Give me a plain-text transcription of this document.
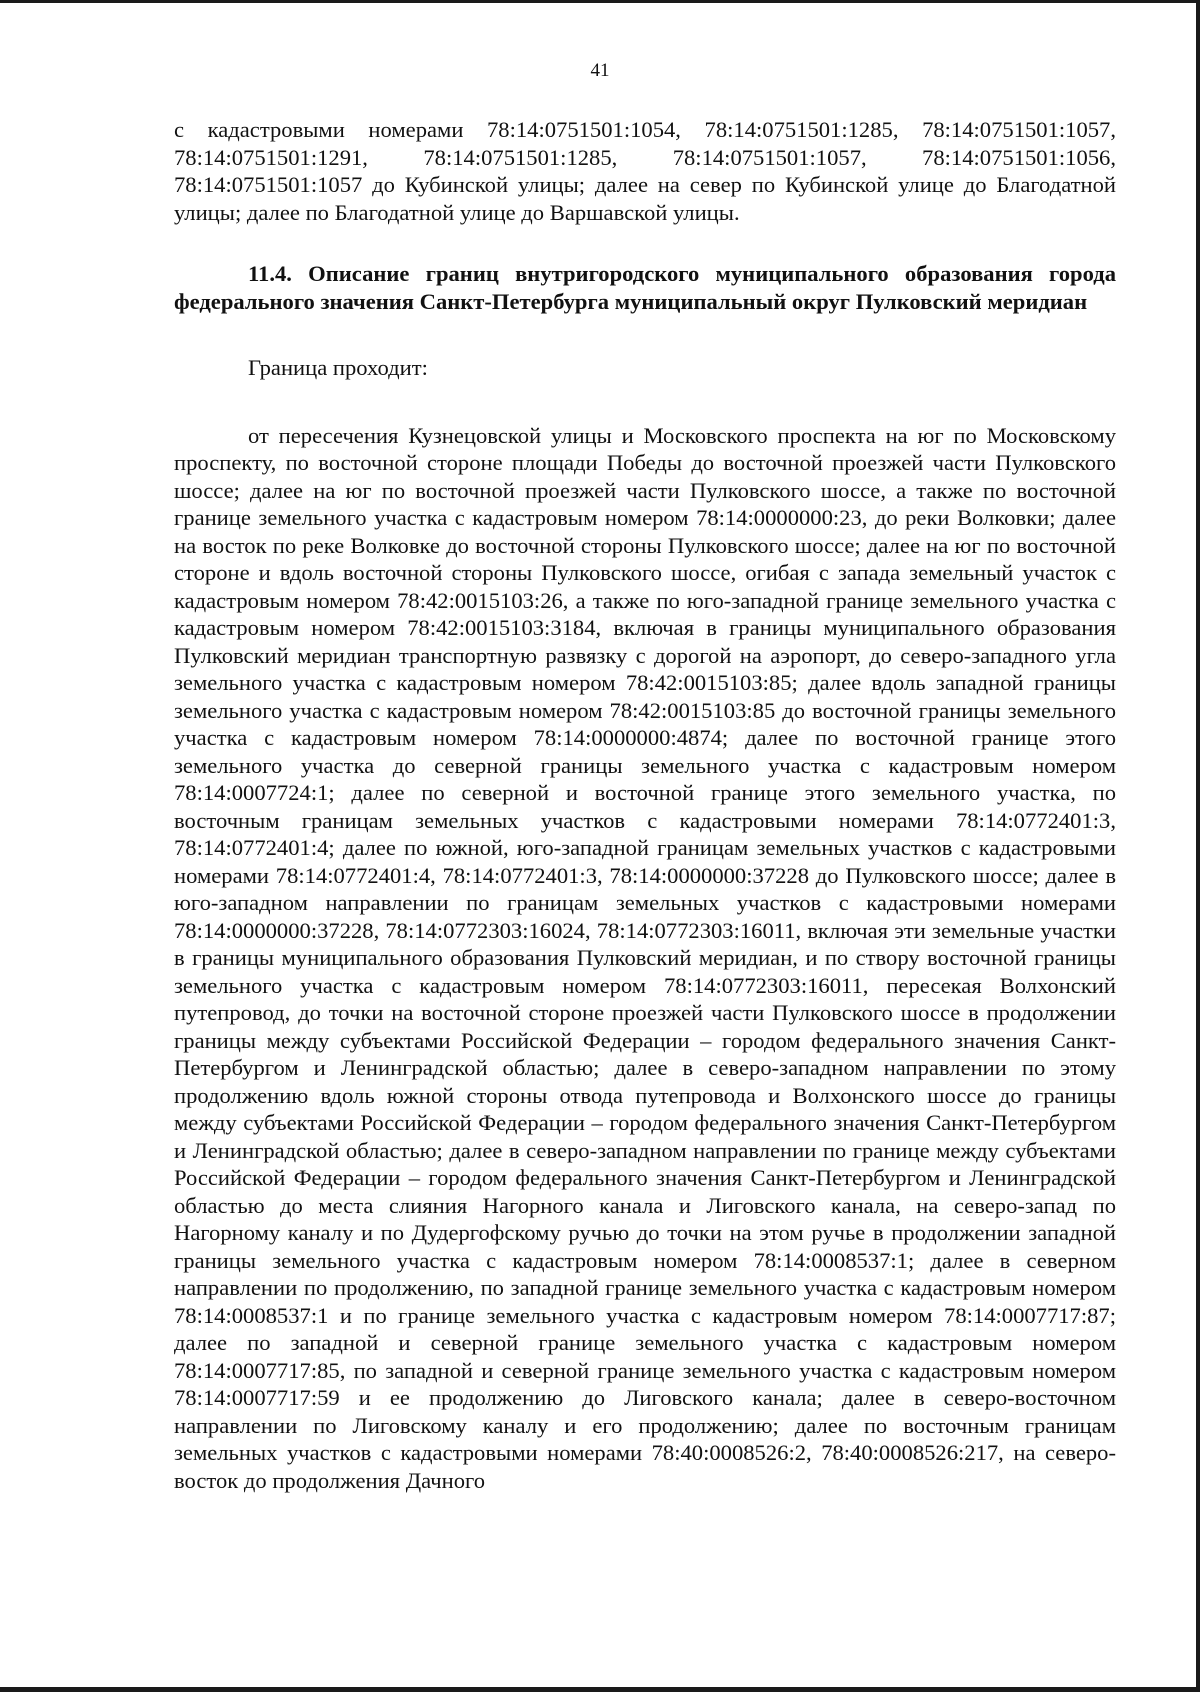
41

с кадастровыми номерами 78:14:0751501:1054, 78:14:0751501:1285, 78:14:0751501:1057, 78:14:0751501:1291, 78:14:0751501:1285, 78:14:0751501:1057, 78:14:0751501:1056, 78:14:0751501:1057 до Кубинской улицы; далее на север по Кубинской улице до Благодатной улицы; далее по Благодатной улице до Варшавской улицы.

11.4. Описание границ внутригородского муниципального образования города федерального значения Санкт-Петербурга муниципальный округ Пулковский меридиан

Граница проходит:

от пересечения Кузнецовской улицы и Московского проспекта на юг по Московскому проспекту, по восточной стороне площади Победы до восточной проезжей части Пулковского шоссе; далее на юг по восточной проезжей части Пулковского шоссе, а также по восточной границе земельного участка с кадастровым номером 78:14:0000000:23, до реки Волковки; далее на восток по реке Волковке до восточной стороны Пулковского шоссе; далее на юг по восточной стороне и вдоль восточной стороны Пулковского шоссе, огибая с запада земельный участок с кадастровым номером 78:42:0015103:26, а также по юго-западной границе земельного участка с кадастровым номером 78:42:0015103:3184, включая в границы муниципального образования Пулковский меридиан транспортную развязку с дорогой на аэропорт, до северо-западного угла земельного участка с кадастровым номером 78:42:0015103:85; далее вдоль западной границы земельного участка с кадастровым номером 78:42:0015103:85 до восточной границы земельного участка с кадастровым номером 78:14:0000000:4874; далее по восточной границе этого земельного участка до северной границы земельного участка с кадастровым номером 78:14:0007724:1; далее по северной и восточной границе этого земельного участка, по восточным границам земельных участков с кадастровыми номерами 78:14:0772401:3, 78:14:0772401:4; далее по южной, юго-западной границам земельных участков с кадастровыми номерами 78:14:0772401:4, 78:14:0772401:3, 78:14:0000000:37228 до Пулковского шоссе; далее в юго-западном направлении по границам земельных участков с кадастровыми номерами 78:14:0000000:37228, 78:14:0772303:16024, 78:14:0772303:16011, включая эти земельные участки в границы муниципального образования Пулковский меридиан, и по створу восточной границы земельного участка с кадастровым номером 78:14:0772303:16011, пересекая Волхонский путепровод, до точки на восточной стороне проезжей части Пулковского шоссе в продолжении границы между субъектами Российской Федерации – городом федерального значения Санкт-Петербургом и Ленинградской областью; далее в северо-западном направлении по этому продолжению вдоль южной стороны отвода путепровода и Волхонского шоссе до границы между субъектами Российской Федерации – городом федерального значения Санкт-Петербургом и Ленинградской областью; далее в северо-западном направлении по границе между субъектами Российской Федерации – городом федерального значения Санкт-Петербургом и Ленинградской областью до места слияния Нагорного канала и Лиговского канала, на северо-запад по Нагорному каналу и по Дудергофскому ручью до точки на этом ручье в продолжении западной границы земельного участка с кадастровым номером 78:14:0008537:1; далее в северном направлении по продолжению, по западной границе земельного участка с кадастровым номером 78:14:0008537:1 и по границе земельного участка с кадастровым номером 78:14:0007717:87; далее по западной и северной границе земельного участка с кадастровым номером 78:14:0007717:85, по западной и северной границе земельного участка с кадастровым номером 78:14:0007717:59 и ее продолжению до Лиговского канала; далее в северо-восточном направлении по Лиговскому каналу и его продолжению; далее по восточным границам земельных участков с кадастровыми номерами 78:40:0008526:2, 78:40:0008526:217, на северо-восток до продолжения Дачного
